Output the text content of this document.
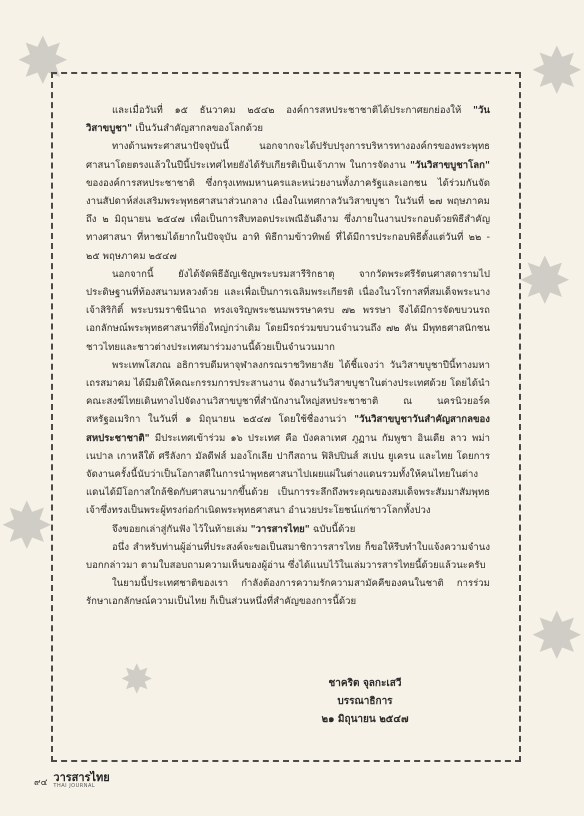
✸	✸
✸
✸
✸
✸

และเมื่อวันที่ ๑๕ ธันวาคม ๒๕๔๒ องค์การสหประชาชาติได้ประกาศยกย่องให้ "วันวิสาขบูชา" เป็นวันสำคัญสากลของโลกด้วย

ทางด้านพระศาสนาปัจจุบันนี้ นอกจากจะได้ปรับปรุงการบริหารทางองค์กรของพระพุทธศาสนาโดยตรงแล้วในปีนี้ประเทศไทยยังได้รับเกียรติเป็นเจ้าภาพ ในการจัดงาน "วันวิสาขบูชาโลก" ขององค์การสหประชาชาติ ซึ่งกรุงเทพมหานครและหน่วยงานทั้งภาครัฐและเอกชน ได้ร่วมกันจัดงานสัปดาห์ส่งเสริมพระพุทธศาสนาส่วนกลาง เนื่องในเทศกาลวันวิสาขบูชา ในวันที่ ๒๗ พฤษภาคม ถึง ๒ มิถุนายน ๒๕๔๗ เพื่อเป็นการสืบทอดประเพณีอันดีงาม ซึ่งภายในงานประกอบด้วยพิธีสำคัญทางศาสนา ที่หาชมได้ยากในปัจจุบัน อาทิ พิธีกามข้าวทิพย์ ที่ได้มีการประกอบพิธีตั้งแต่วันที่ ๒๒ - ๒๕ พฤษภาคม ๒๕๔๗

นอกจากนี้ ยังได้จัดพิธีอัญเชิญพระบรมสารีริกธาตุ จากวัดพระศรีรัตนศาสดารามไปประดิษฐานที่ท้องสนามหลวงด้วย และเพื่อเป็นการเฉลิมพระเกียรติ เนื่องในวโรกาสที่สมเด็จพระนางเจ้าสิริกิติ์ พระบรมราชินีนาถ ทรงเจริญพระชนมพรรษาครบ ๗๒ พรรษา จึงได้มีการจัดขบวนรถเอกลักษณ์พระพุทธศาสนาที่ยิ่งใหญ่กว่าเดิม โดยมีรถร่วมขบวนจำนวนถึง ๗๒ คัน มีพุทธศาสนิกชนชาวไทยและชาวต่างประเทศมาร่วมงานนี้ด้วยเป็นจำนวนมาก

พระเทพโสภณ อธิการบดีมหาจุฬาลงกรณราชวิทยาลัย ได้ชี้แจงว่า วันวิสาขบูชาปีนี้ทางมหาเถรสมาคม ได้มีมติให้คณะกรรมการประสานงาน จัดงานวันวิสาขบูชาในต่างประเทศด้วย โดยได้นำคณะสงฆ์ไทยเดินทางไปจัดงานวิสาขบูชาที่สำนักงานใหญ่สหประชาชาติ ณ นครนิวยอร์ค สหรัฐอเมริกา ในวันที่ ๑ มิถุนายน ๒๕๔๗ โดยใช้ชื่องานว่า "วันวิสาขบูชาวันสำคัญสากลของสหประชาชาติ" มีประเทศเข้าร่วม ๑๖ ประเทศ คือ บังคลาเทศ ภูฏาน กัมพูชา อินเดีย ลาว พม่า เนปาล เกาหลีใต้ ศรีลังกา มัลดีฟส์ มองโกเลีย ปากีสถาน ฟิลิปปินส์ สเปน ยูเครน และไทย โดยการจัดงานครั้งนี้นับว่าเป็นโอกาสดีในการนำพุทธศาสนาไปเผยแผ่ในต่างแดนรวมทั้งให้คนไทยในต่างแดนได้มีโอกาสใกล้ชิดกับศาสนามากขึ้นด้วย เป็นการระลึกถึงพระคุณของสมเด็จพระสัมมาสัมพุทธเจ้าซึ่งทรงเป็นพระผู้ทรงก่อกำเนิดพระพุทธศาสนา อำนวยประโยชน์แก่ชาวโลกทั้งปวง

จึงขอยกเล่าสู่กันฟัง ไว้ในท้ายเล่ม "วารสารไทย" ฉบับนี้ด้วย

อนึ่ง สำหรับท่านผู้อ่านที่ประสงค์จะขอเป็นสมาชิกวารสารไทย ก็ขอให้รีบทำใบแจ้งความจำนงบอกกล่าวมา ตามใบสอบถามความเห็นของผู้อ่าน ซึ่งได้แนบไว้ในเล่มวารสารไทยนี้ด้วยแล้วนะครับ

ในยามนี้ประเทศชาติของเรา กำลังต้องการความรักความสามัคคีของคนในชาติ การร่วมรักษาเอกลักษณ์ความเป็นไทย ก็เป็นส่วนหนึ่งที่สำคัญของการนี้ด้วย

ชาคริต จุลกะเสวี
บรรณาธิการ
๒๑ มิถุนายน ๒๕๔๗
๙๔ วารสารไทย
THAI JOURNAL
